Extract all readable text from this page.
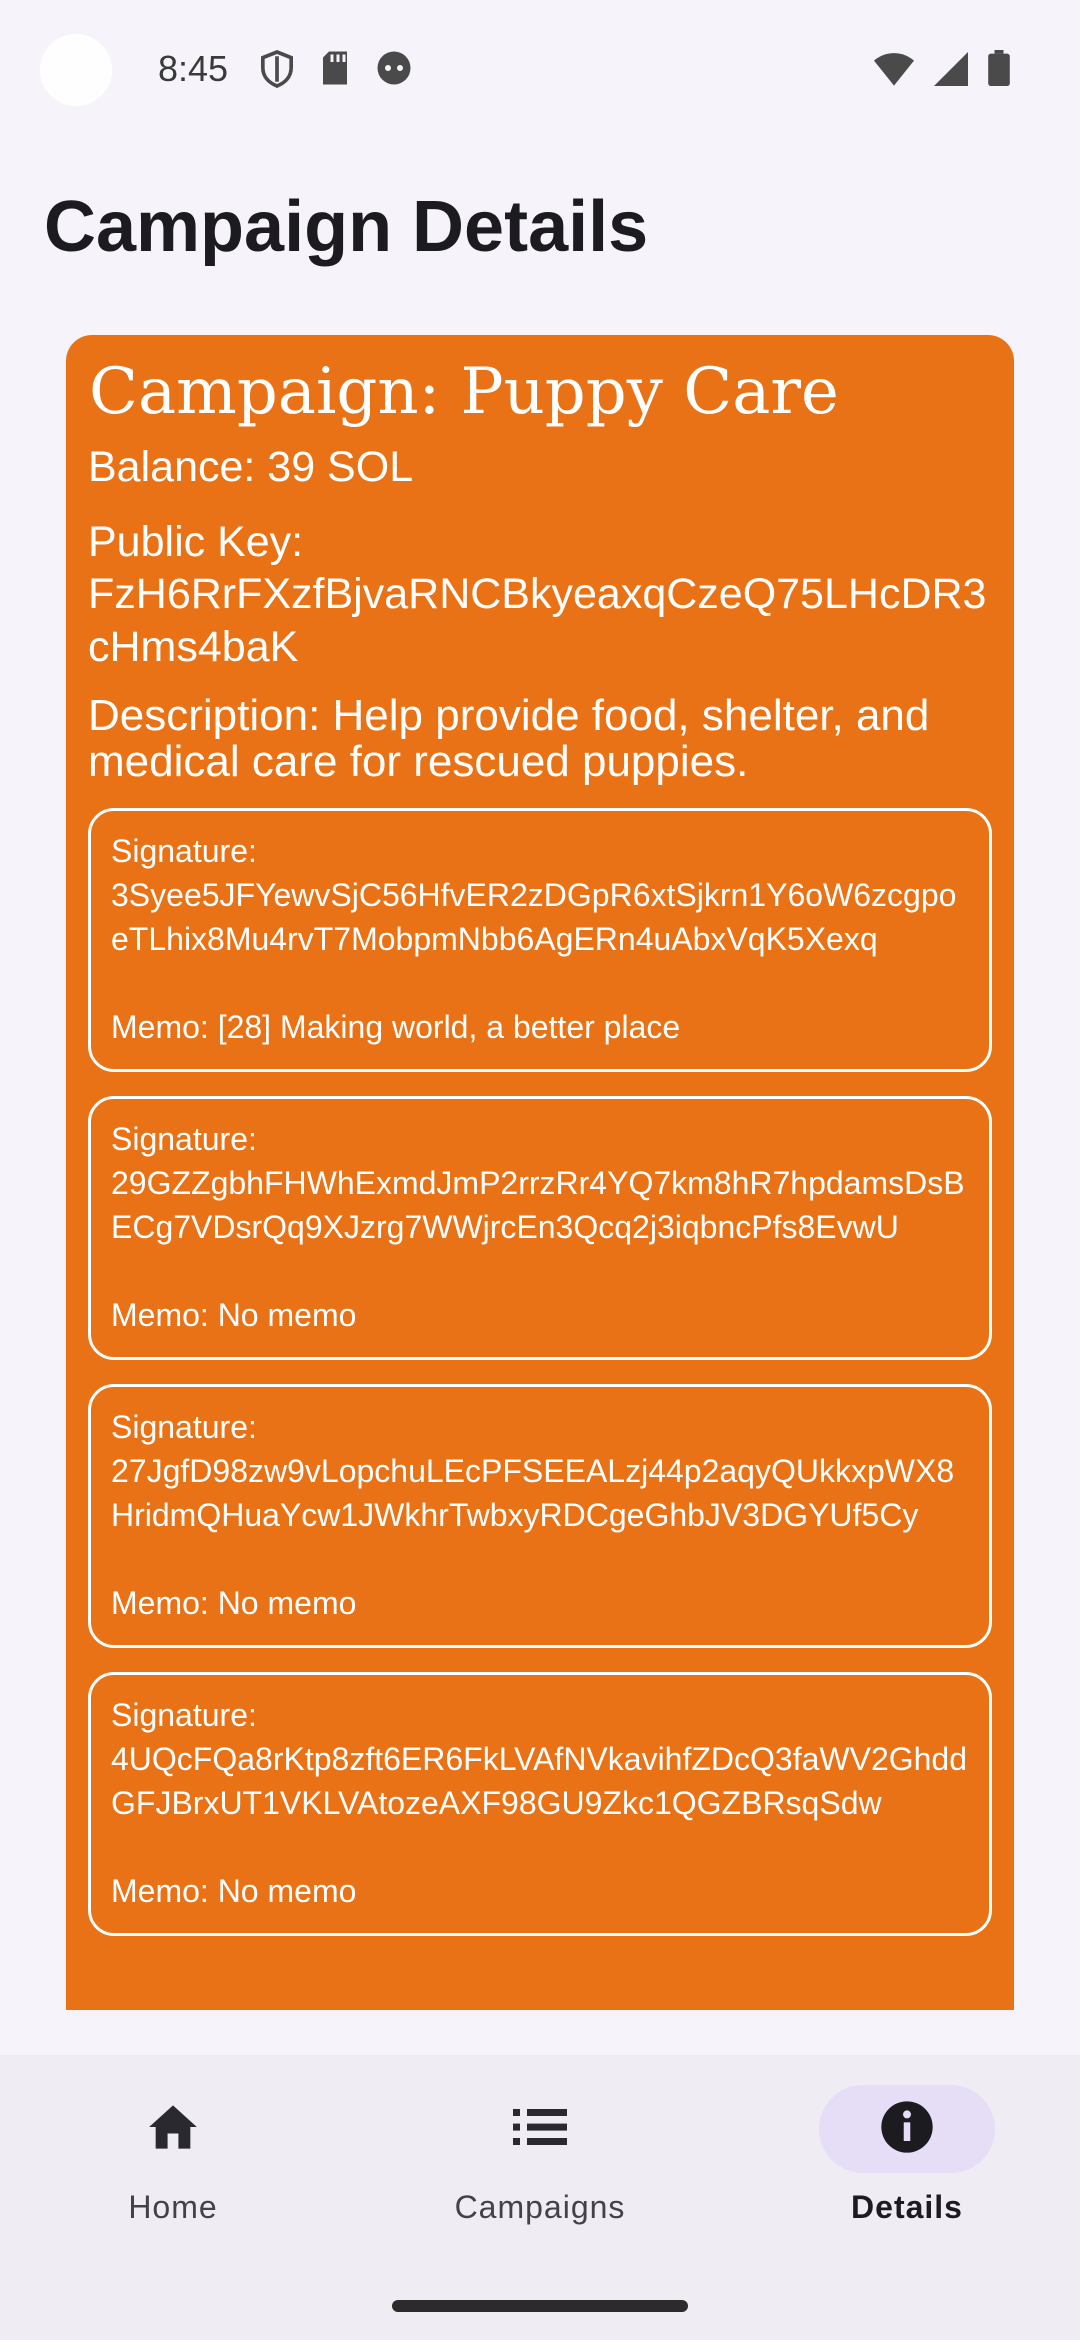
8:45
Campaign Details
Campaign: Puppy Care
Balance: 39 SOL
Public Key:
FzH6RrFXzfBjvaRNCBkyeaxqCzeQ75LHcDR3cHms4baK
Description: Help provide food, shelter, and medical care for rescued puppies.
Signature:
3Syee5JFYewvSjC56HfvER2zDGpR6xtSjkrn1Y6oW6zcgpoeTLhix8Mu4rvT7MobpmNbb6AgERn4uAbxVqK5Xexq
Memo: [28] Making world, a better place
Signature:
29GZZgbhFHWhExmdJmP2rrzRr4YQ7km8hR7hpdamsDsBECg7VDsrQq9XJzrg7WWjrcEn3Qcq2j3iqbncPfs8EvwU
Memo: No memo
Signature:
27JgfD98zw9vLopchuLEcPFSEEALzj44p2aqyQUkkxpWX8HridmQHuaYcw1JWkhrTwbxyRDCgeGhbJV3DGYUf5Cy
Memo: No memo
Signature:
4UQcFQa8rKtp8zft6ER6FkLVAfNVkavihfZDcQ3faWV2GhddGFJBrxUT1VKLVAtozeAXF98GU9Zkc1QGZBRsqSdw
Memo: No memo
Home	Campaigns	Details
